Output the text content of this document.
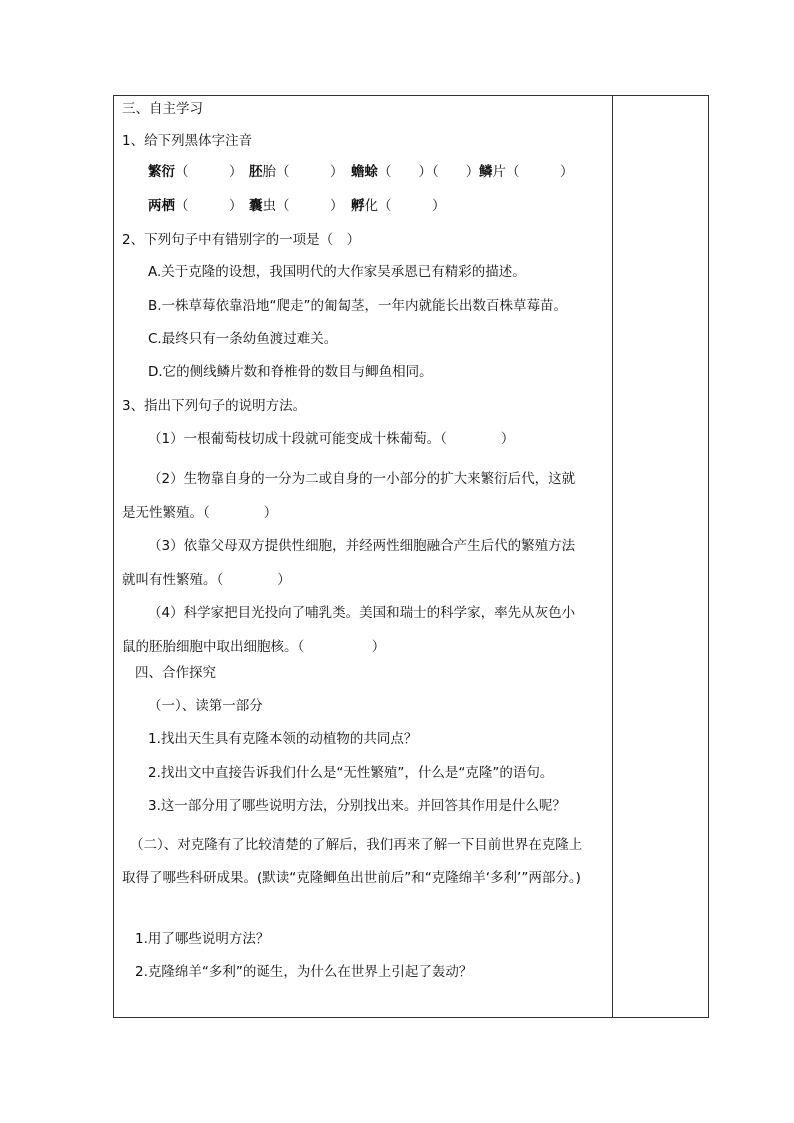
三、自主学习
1、给下列黑体字注音
繁衍（　　　） 胚胎（　　　） 蟾蜍（　　）（　　） 鳞片（　　　）
两栖（　　　） 囊虫（　　　） 孵化（　　　）
2、下列句子中有错别字的一项是（　）
A.关于克隆的设想，我国明代的大作家吴承恩已有精彩的描述。
B.一株草莓依靠沿地“爬走”的匍匐茎，一年内就能长出数百株草莓苗。
C.最终只有一条幼鱼渡过难关。
D.它的侧线鳞片数和脊椎骨的数目与鲫鱼相同。
3、指出下列句子的说明方法。
（1）一根葡萄枝切成十段就可能变成十株葡萄。（　　　　）
（2）生物靠自身的一分为二或自身的一小部分的扩大来繁衍后代，这就是无性繁殖。（　　　　）
（3）依靠父母双方提供性细胞，并经两性细胞融合产生后代的繁殖方法就叫有性繁殖。（　　　　）
（4）科学家把目光投向了哺乳类。美国和瑞士的科学家，率先从灰色小鼠的胚胎细胞中取出细胞核。（　　　　　）
四、合作探究
（一）、读第一部分
1.找出天生具有克隆本领的动植物的共同点？
2.找出文中直接告诉我们什么是“无性繁殖”，什么是“克隆”的语句。
3.这一部分用了哪些说明方法，分别找出来。并回答其作用是什么呢？
（二）、对克隆有了比较清楚的了解后，我们再来了解一下目前世界在克隆上取得了哪些科研成果。(默读“克隆鲫鱼出世前后”和“克隆绵羊‘多利’”两部分。)
1.用了哪些说明方法？
2.克隆绵羊“多利”的诞生，为什么在世界上引起了轰动？
